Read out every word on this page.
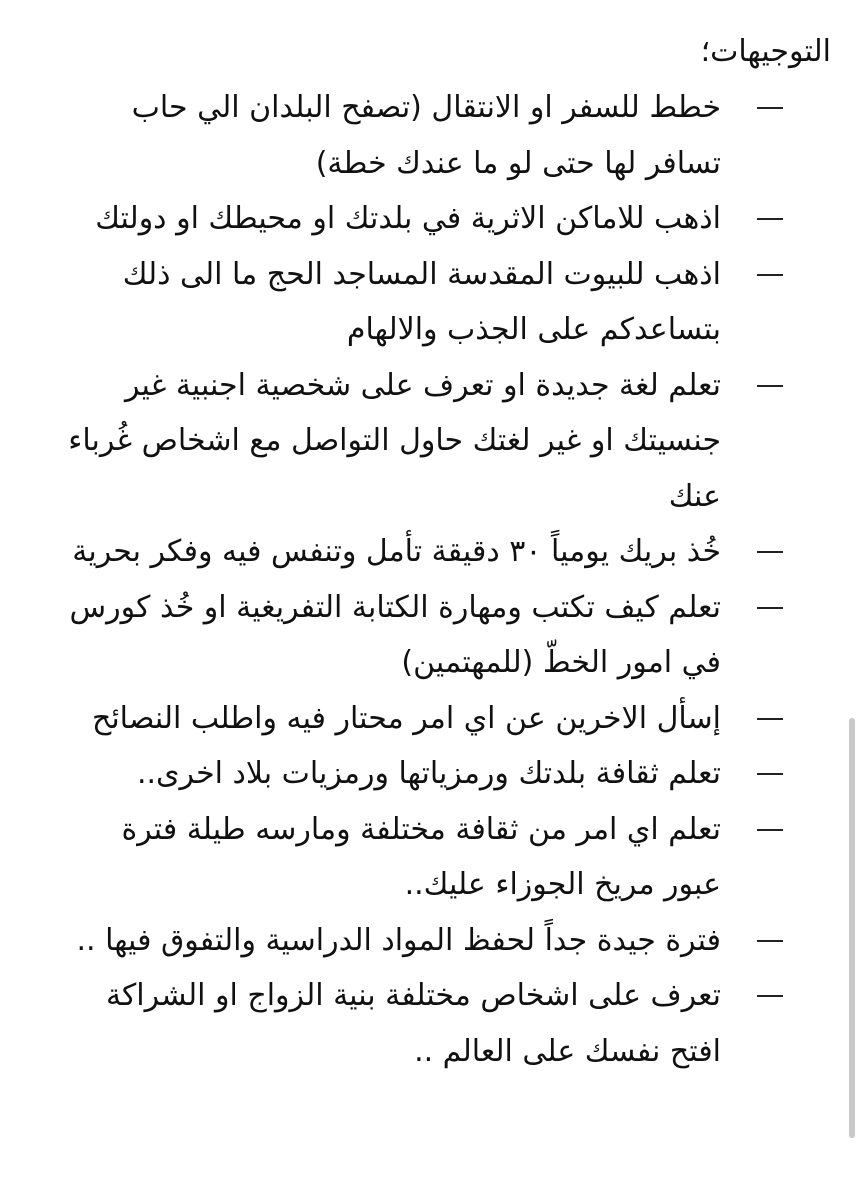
التوجيهات؛
خطط للسفر او الانتقال (تصفح البلدان الي حاب تسافر لها حتى لو ما عندك خطة)
اذهب للاماكن الاثرية في بلدتك او محيطك او دولتك
اذهب للبيوت المقدسة المساجد الحج ما الى ذلك بتساعدكم على الجذب والالهام
تعلم لغة جديدة او تعرف على شخصية اجنبية غير جنسيتك او غير لغتك حاول التواصل مع اشخاص غُرباء عنك
خُذ بريك يومياً ٣٠ دقيقة تأمل وتنفس فيه وفكر بحرية
تعلم كيف تكتب ومهارة الكتابة التفريغية او خُذ كورس في امور الخطّ (للمهتمين)
إسأل الاخرين عن اي امر محتار فيه واطلب النصائح
تعلم ثقافة بلدتك ورمزياتها ورمزيات بلاد اخرى..
تعلم اي امر من ثقافة مختلفة ومارسه طيلة فترة عبور مريخ الجوزاء عليك..
فترة جيدة جداً لحفظ المواد الدراسية والتفوق فيها ..
تعرف على اشخاص مختلفة بنية الزواج او الشراكة افتح نفسك على العالم ..
